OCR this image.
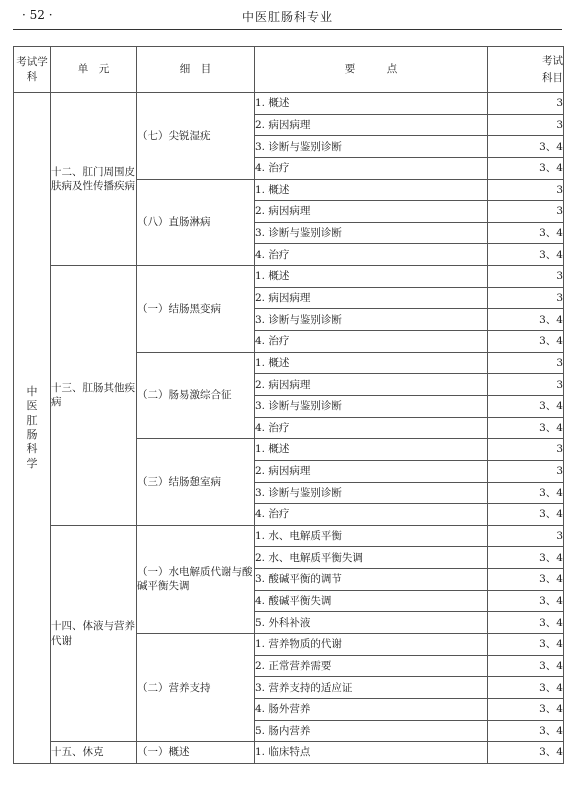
· 52 ·	中医肛肠科专业
考试学科	单　元	细　目	要　　　点	考试科目

中医肛肠科学	十二、肛门周围皮肤病及性传播疾病	（七）尖锐湿疣	1. 概述	3
			2. 病因病理	3
			3. 诊断与鉴别诊断	3、4
			4. 治疗	3、4
		（八）直肠淋病	1. 概述	3
			2. 病因病理	3
			3. 诊断与鉴别诊断	3、4
			4. 治疗	3、4
	十三、肛肠其他疾病	（一）结肠黑变病	1. 概述	3
			2. 病因病理	3
			3. 诊断与鉴别诊断	3、4
			4. 治疗	3、4
		（二）肠易激综合征	1. 概述	3
			2. 病因病理	3
			3. 诊断与鉴别诊断	3、4
			4. 治疗	3、4
		（三）结肠憩室病	1. 概述	3
			2. 病因病理	3
			3. 诊断与鉴别诊断	3、4
			4. 治疗	3、4
	十四、体液与营养代谢	（一）水电解质代谢与酸碱平衡失调	1. 水、电解质平衡	3
			2. 水、电解质平衡失调	3、4
			3. 酸碱平衡的调节	3、4
			4. 酸碱平衡失调	3、4
			5. 外科补液	3、4
		（二）营养支持	1. 营养物质的代谢	3、4
			2. 正常营养需要	3、4
			3. 营养支持的适应证	3、4
			4. 肠外营养	3、4
			5. 肠内营养	3、4
	十五、休克	（一）概述	1. 临床特点	3、4
